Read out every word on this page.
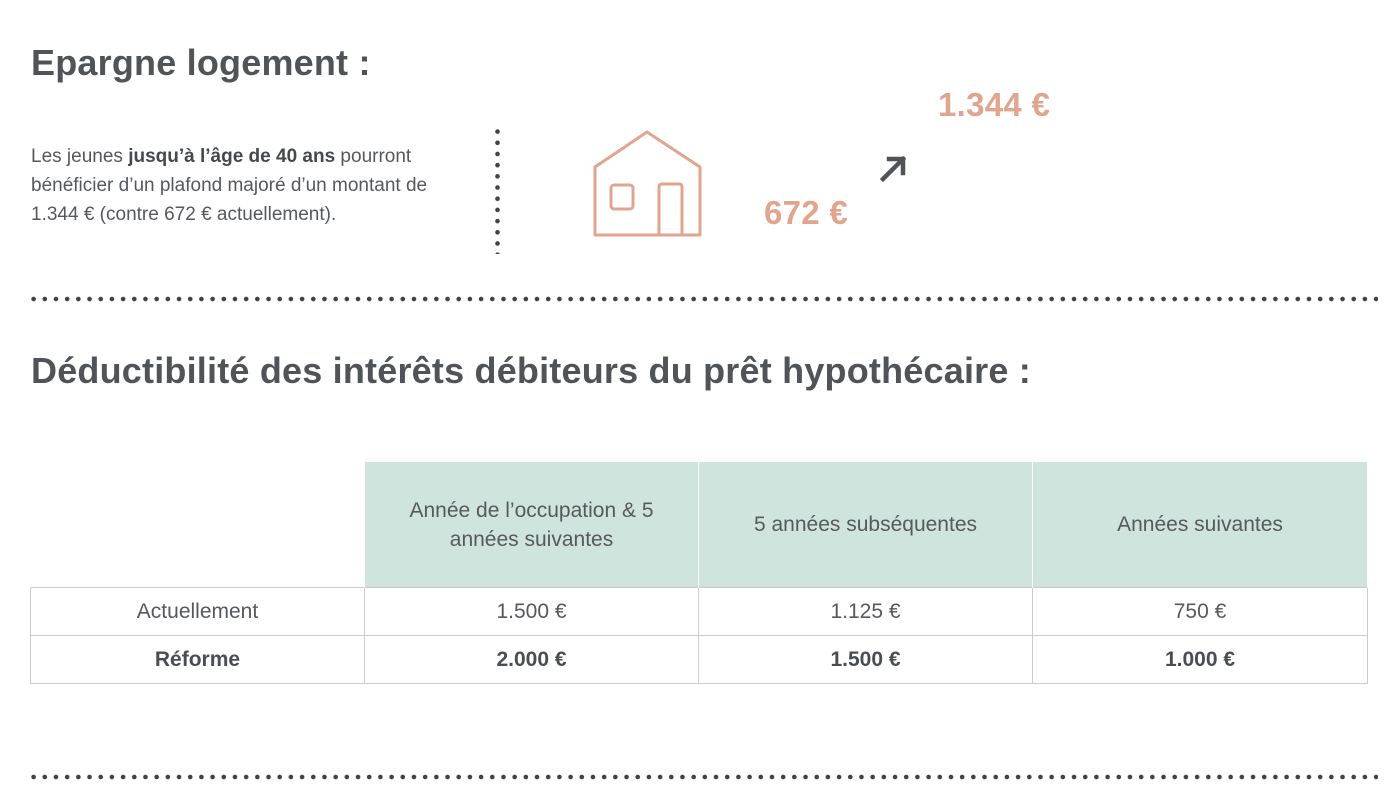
Epargne logement :

Les jeunes jusqu’à l’âge de 40 ans pourront bénéficier d’un plafond majoré d’un montant de 1.344 € (contre 672 € actuellement).	672 €
1.344 €
Déductibilité des intérêts débiteurs du prêt hypothécaire :
	Année de l’occupation & 5 années suivantes	5 années subséquentes	Années suivantes
Actuellement	1.500 €	1.125 €	750 €
Réforme	2.000 €	1.500 €	1.000 €
